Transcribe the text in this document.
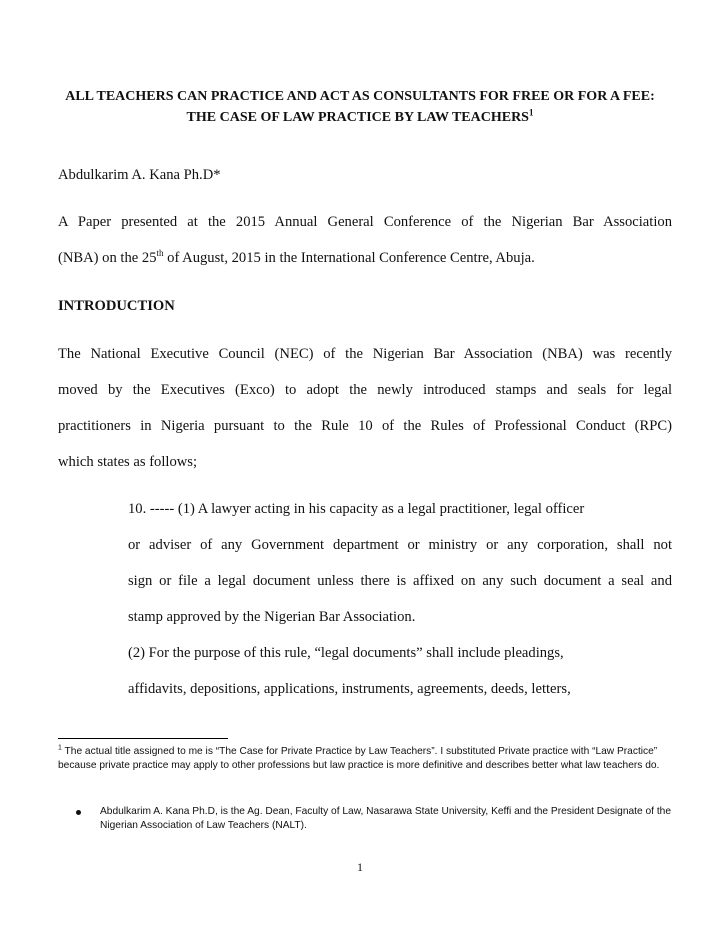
ALL TEACHERS CAN PRACTICE AND ACT AS CONSULTANTS FOR FREE OR FOR A FEE:
THE CASE OF LAW PRACTICE BY LAW TEACHERS$^1$
Abdulkarim A. Kana Ph.D*
A Paper presented at the 2015 Annual General Conference of the Nigerian Bar Association
(NBA) on the 25th of August, 2015 in the International Conference Centre, Abuja.
INTRODUCTION
The National Executive Council (NEC) of the Nigerian Bar Association (NBA) was recently
moved by the Executives (Exco) to adopt the newly introduced stamps and seals for legal
practitioners in Nigeria pursuant to the Rule 10 of the Rules of Professional Conduct (RPC)
which states as follows;
10. ----- (1) A lawyer acting in his capacity as a legal practitioner, legal officer
or adviser of any Government department or ministry or any corporation, shall not
sign or file a legal document unless there is affixed on any such document a seal and
stamp approved by the Nigerian Bar Association.
(2) For the purpose of this rule, “legal documents” shall include pleadings,
affidavits, depositions, applications, instruments, agreements, deeds, letters,
$^1$ The actual title assigned to me is “The Case for Private Practice by Law Teachers”. I substituted Private practice with “Law Practice” because private practice may apply to other professions but law practice is more definitive and describes better what law teachers do.
Abdulkarim A. Kana Ph.D, is the Ag. Dean, Faculty of Law, Nasarawa State University, Keffi and the President Designate of the Nigerian Association of Law Teachers (NALT).
1
